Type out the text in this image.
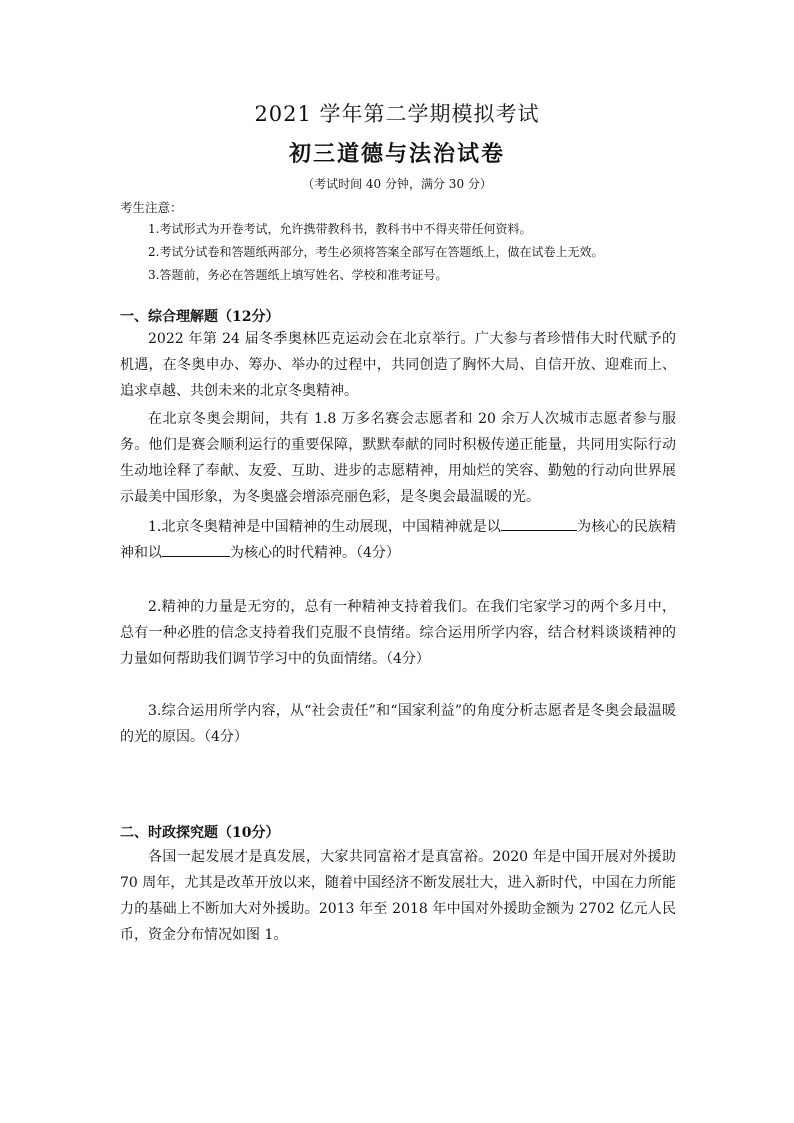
2021 学年第二学期模拟考试
初三道德与法治试卷
（考试时间 40 分钟，满分 30 分）
考生注意：
1.考试形式为开卷考试，允许携带教科书，教科书中不得夹带任何资料。
2.考试分试卷和答题纸两部分，考生必须将答案全部写在答题纸上，做在试卷上无效。
3.答题前，务必在答题纸上填写姓名、学校和准考证号。
一、综合理解题（12分）

2022 年第 24 届冬季奥林匹克运动会在北京举行。广大参与者珍惜伟大时代赋予的机遇，在冬奥申办、筹办、举办的过程中，共同创造了胸怀大局、自信开放、迎难而上、追求卓越、共创未来的北京冬奥精神。

在北京冬奥会期间，共有 1.8 万多名赛会志愿者和 20 余万人次城市志愿者参与服务。他们是赛会顺利运行的重要保障，默默奉献的同时积极传递正能量，共同用实际行动生动地诠释了奉献、友爱、互助、进步的志愿精神，用灿烂的笑容、勤勉的行动向世界展示最美中国形象，为冬奥盛会增添亮丽色彩，是冬奥会最温暖的光。

1.北京冬奥精神是中国精神的生动展现，中国精神就是以	为核心的民族精神和以	为核心的时代精神。（4分）

2.精神的力量是无穷的，总有一种精神支持着我们。在我们宅家学习的两个多月中，总有一种必胜的信念支持着我们克服不良情绪。综合运用所学内容，结合材料谈谈精神的力量如何帮助我们调节学习中的负面情绪。（4分）

3.综合运用所学内容，从“社会责任”和“国家利益”的角度分析志愿者是冬奥会最温暖的光的原因。（4分）

二、时政探究题（10分）

各国一起发展才是真发展，大家共同富裕才是真富裕。2020 年是中国开展对外援助 70 周年，尤其是改革开放以来，随着中国经济不断发展壮大，进入新时代，中国在力所能力的基础上不断加大对外援助。2013 年至 2018 年中国对外援助金额为 2702 亿元人民币，资金分布情况如图 1。
